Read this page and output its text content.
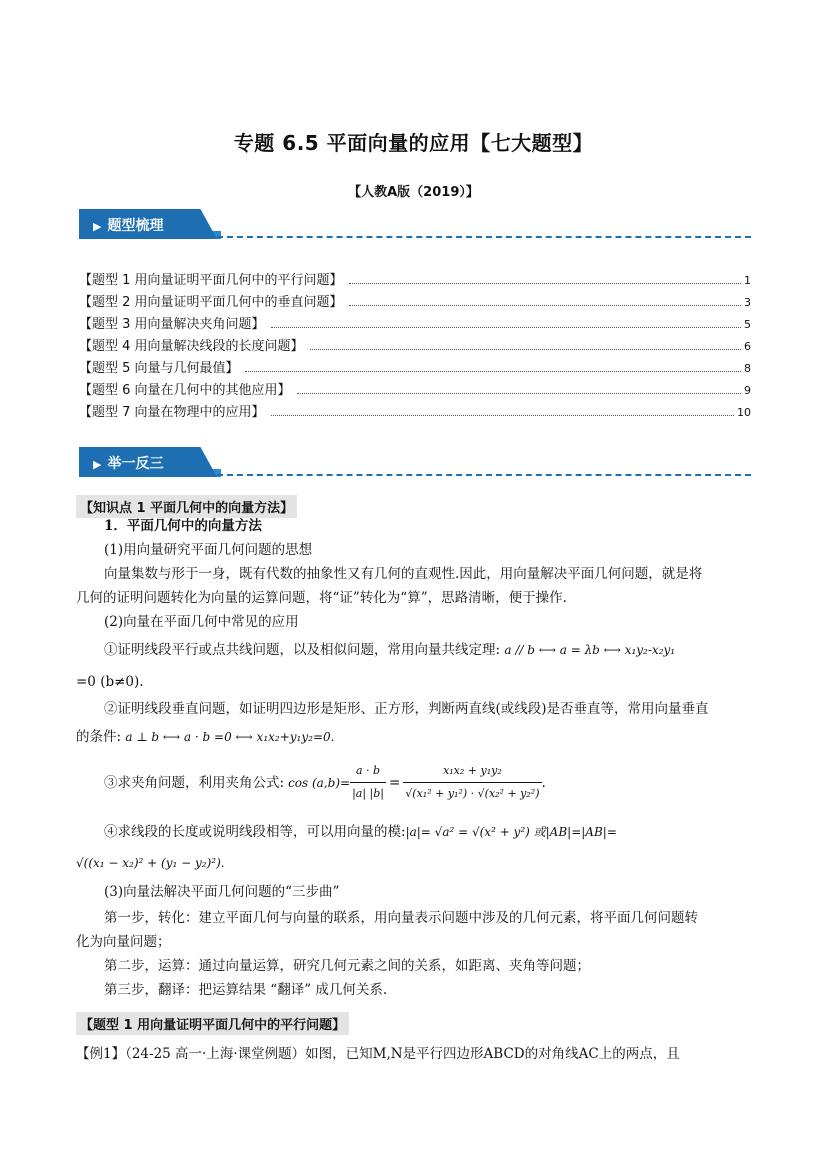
专题 6.5 平面向量的应用【七大题型】
【人教A版（2019）】
▶ 题型梳理
【题型 1 用向量证明平面几何中的平行问题】	1
【题型 2 用向量证明平面几何中的垂直问题】	3
【题型 3 用向量解决夹角问题】	5
【题型 4 用向量解决线段的长度问题】	6
【题型 5 向量与几何最值】	8
【题型 6 向量在几何中的其他应用】	9
【题型 7 向量在物理中的应用】	10
▶ 举一反三
【知识点 1 平面几何中的向量方法】
1．平面几何中的向量方法
(1)用向量研究平面几何问题的思想
向量集数与形于一身，既有代数的抽象性又有几何的直观性.因此，用向量解决平面几何问题，就是将
几何的证明问题转化为向量的运算问题，将“证”转化为“算”，思路清晰，便于操作.
(2)向量在平面几何中常见的应用
①证明线段平行或点共线问题，以及相似问题，常用向量共线定理: a // b ⟷ a = λb ⟷ x₁y₂-x₂y₁
=0 (b≠0).
②证明线段垂直问题，如证明四边形是矩形、正方形，判断两直线(或线段)是否垂直等，常用向量垂直
的条件: a ⊥ b ⟷ a · b =0 ⟷ x₁x₂+y₁y₂=0.
③求夹角问题，利用夹角公式: $\cos (a,b)= \frac{a \cdot b}{|a| |b|} = \frac{\text{x₁x₂ + y₁y₂}}{\text{√(x₁² + y₁²) · √(x₂² + y₂²)}}$ .
④求线段的长度或说明线段相等，可以用向量的模:|a|= √a² = √(x² + y²) 或|AB|=|AB|=
√((x₁ − x₂)² + (y₁ − y₂)²).
(3)向量法解决平面几何问题的“三步曲”
第一步，转化：建立平面几何与向量的联系，用向量表示问题中涉及的几何元素，将平面几何问题转
化为向量问题；
第二步，运算：通过向量运算，研究几何元素之间的关系，如距离、夹角等问题；
第三步，翻译：把运算结果 “翻译” 成几何关系.
【题型 1 用向量证明平面几何中的平行问题】
【例1】（24-25 高一·上海·课堂例题）如图，已知M,N是平行四边形ABCD的对角线AC上的两点，且
